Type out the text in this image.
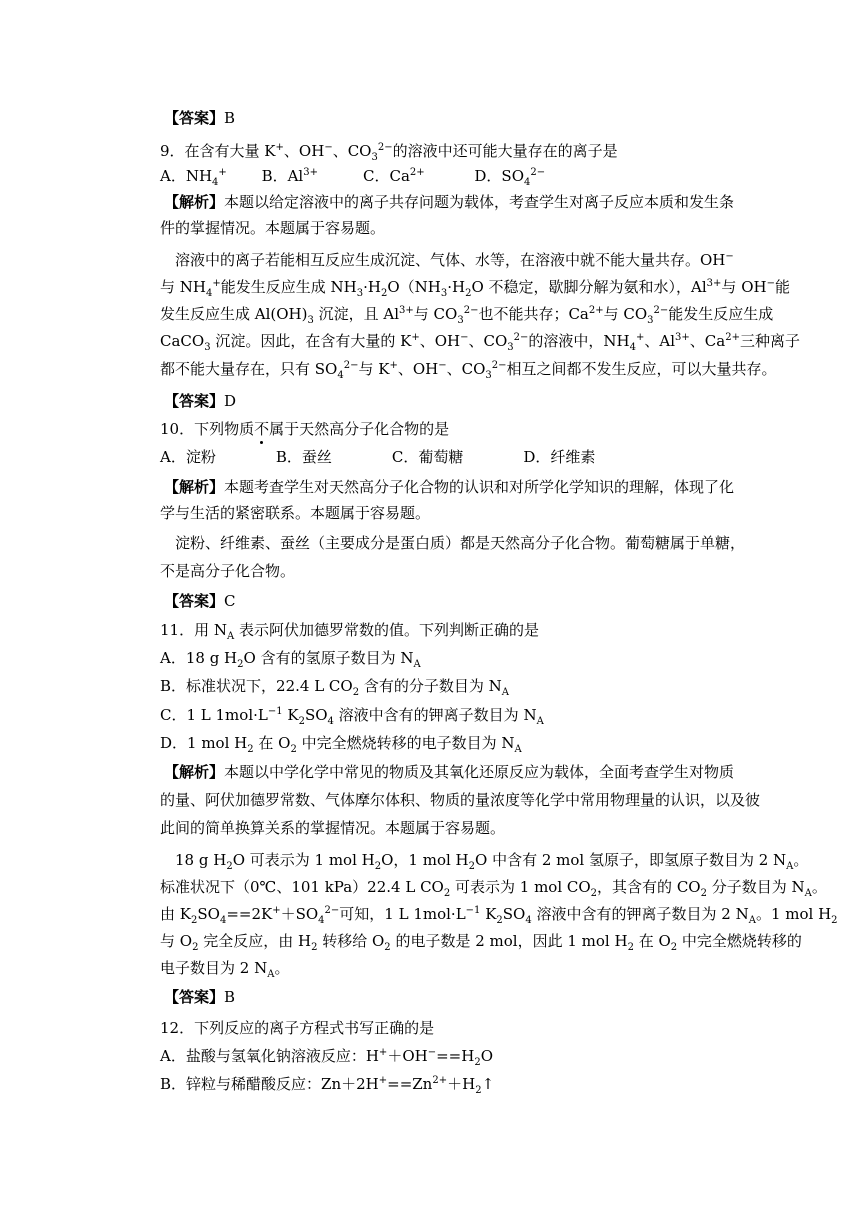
【答案】B
9．在含有大量 K+、OH−、$CO_3^{2-}$的溶液中还可能大量存在的离子是
A．$NH_4^+$　　 B．$Al^{3+}$　　　C．$Ca^{2+}$　　　 D．$SO_4^{2-}$
【解析】本题以给定溶液中的离子共存问题为载体，考查学生对离子反应本质和发生条
件的掌握情况。本题属于容易题。
　溶液中的离子若能相互反应生成沉淀、气体、水等，在溶液中就不能大量共存。OH−
与 $NH_4^+$能发生反应生成 $NH_3\cdot H_2O(NH_3\cdot H_2O$ 不稳定，歇脚分解为氨和水），$Al^{3+}$与 OH−能
发生反应生成 $Al(OH)_3$ 沉淀，且 $Al^{3+}$与 $CO_3^{2-}$也不能共存；$Ca^{2+}$与 $CO_3^{2-}$能发生反应生成
CaCO$_3$ 沉淀。因此，在含有大量的 K+、OH−、$CO_3^{2-}$的溶液中，$NH_4^+$、$Al^{3+}$、$Ca^{2+}$三种离子
都不能大量存在，只有 $SO_4^{2-}$与 K+、OH−、$CO_3^{2-}$相互之间都不发生反应，可以大量共存。
【答案】D
10．下列物质不属于天然高分子化合物的是
A．淀粉　　　　B．蚕丝　　　　C．葡萄糖　　　　D．纤维素
【解析】本题考查学生对天然高分子化合物的认识和对所学化学知识的理解，体现了化
学与生活的紧密联系。本题属于容易题。
　淀粉、纤维素、蚕丝（主要成分是蛋白质）都是天然高分子化合物。葡萄糖属于单糖，
不是高分子化合物。
【答案】C
11．用 $N_A$ 表示阿伏加德罗常数的值。下列判断正确的是
A．18 g $H_2O$ 含有的氢原子数目为 $N_A$
B．标准状况下，22.4 L $CO_2$ 含有的分子数目为 $N_A$
C．1 L $1mol\cdot L^{-1}$ $K_2SO_4$ 溶液中含有的钾离子数目为 $N_A$
D．1 mol $H_2$ 在 $O_2$ 中完全燃烧转移的电子数目为 $N_A$
【解析】本题以中学化学中常见的物质及其氧化还原反应为载体，全面考查学生对物质
的量、阿伏加德罗常数、气体摩尔体积、物质的量浓度等化学中常用物理量的认识，以及彼
此间的简单换算关系的掌握情况。本题属于容易题。
　18 g $H_2O$ 可表示为 1 mol $H_2O$，1 mol $H_2O$ 中含有 2 mol 氢原子，即氢原子数目为 2 $N_A$。
标准状况下（0℃、101 kPa）22.4 L $CO_2$ 可表示为 1 mol $CO_2$，其含有的 $CO_2$ 分子数目为 $N_A$。
由 $K_2SO_4==2K^++SO_4^{2-}$可知，1 L $1mol\cdot L^{-1}$ $K_2SO_4$ 溶液中含有的钾离子数目为 2 $N_A$。1 mol $H_2$
与 $O_2$ 完全反应，由 $H_2$ 转移给 $O_2$ 的电子数是 2 mol，因此 1 mol $H_2$ 在 $O_2$ 中完全燃烧转移的
电子数目为 2 $N_A$。
【答案】B
12．下列反应的离子方程式书写正确的是
A．盐酸与氢氧化钠溶液反应：$H^++OH^-==H_2O$
B．锌粒与稀醋酸反应：$Zn+2H^+==Zn^{2+}+H_2↑$
